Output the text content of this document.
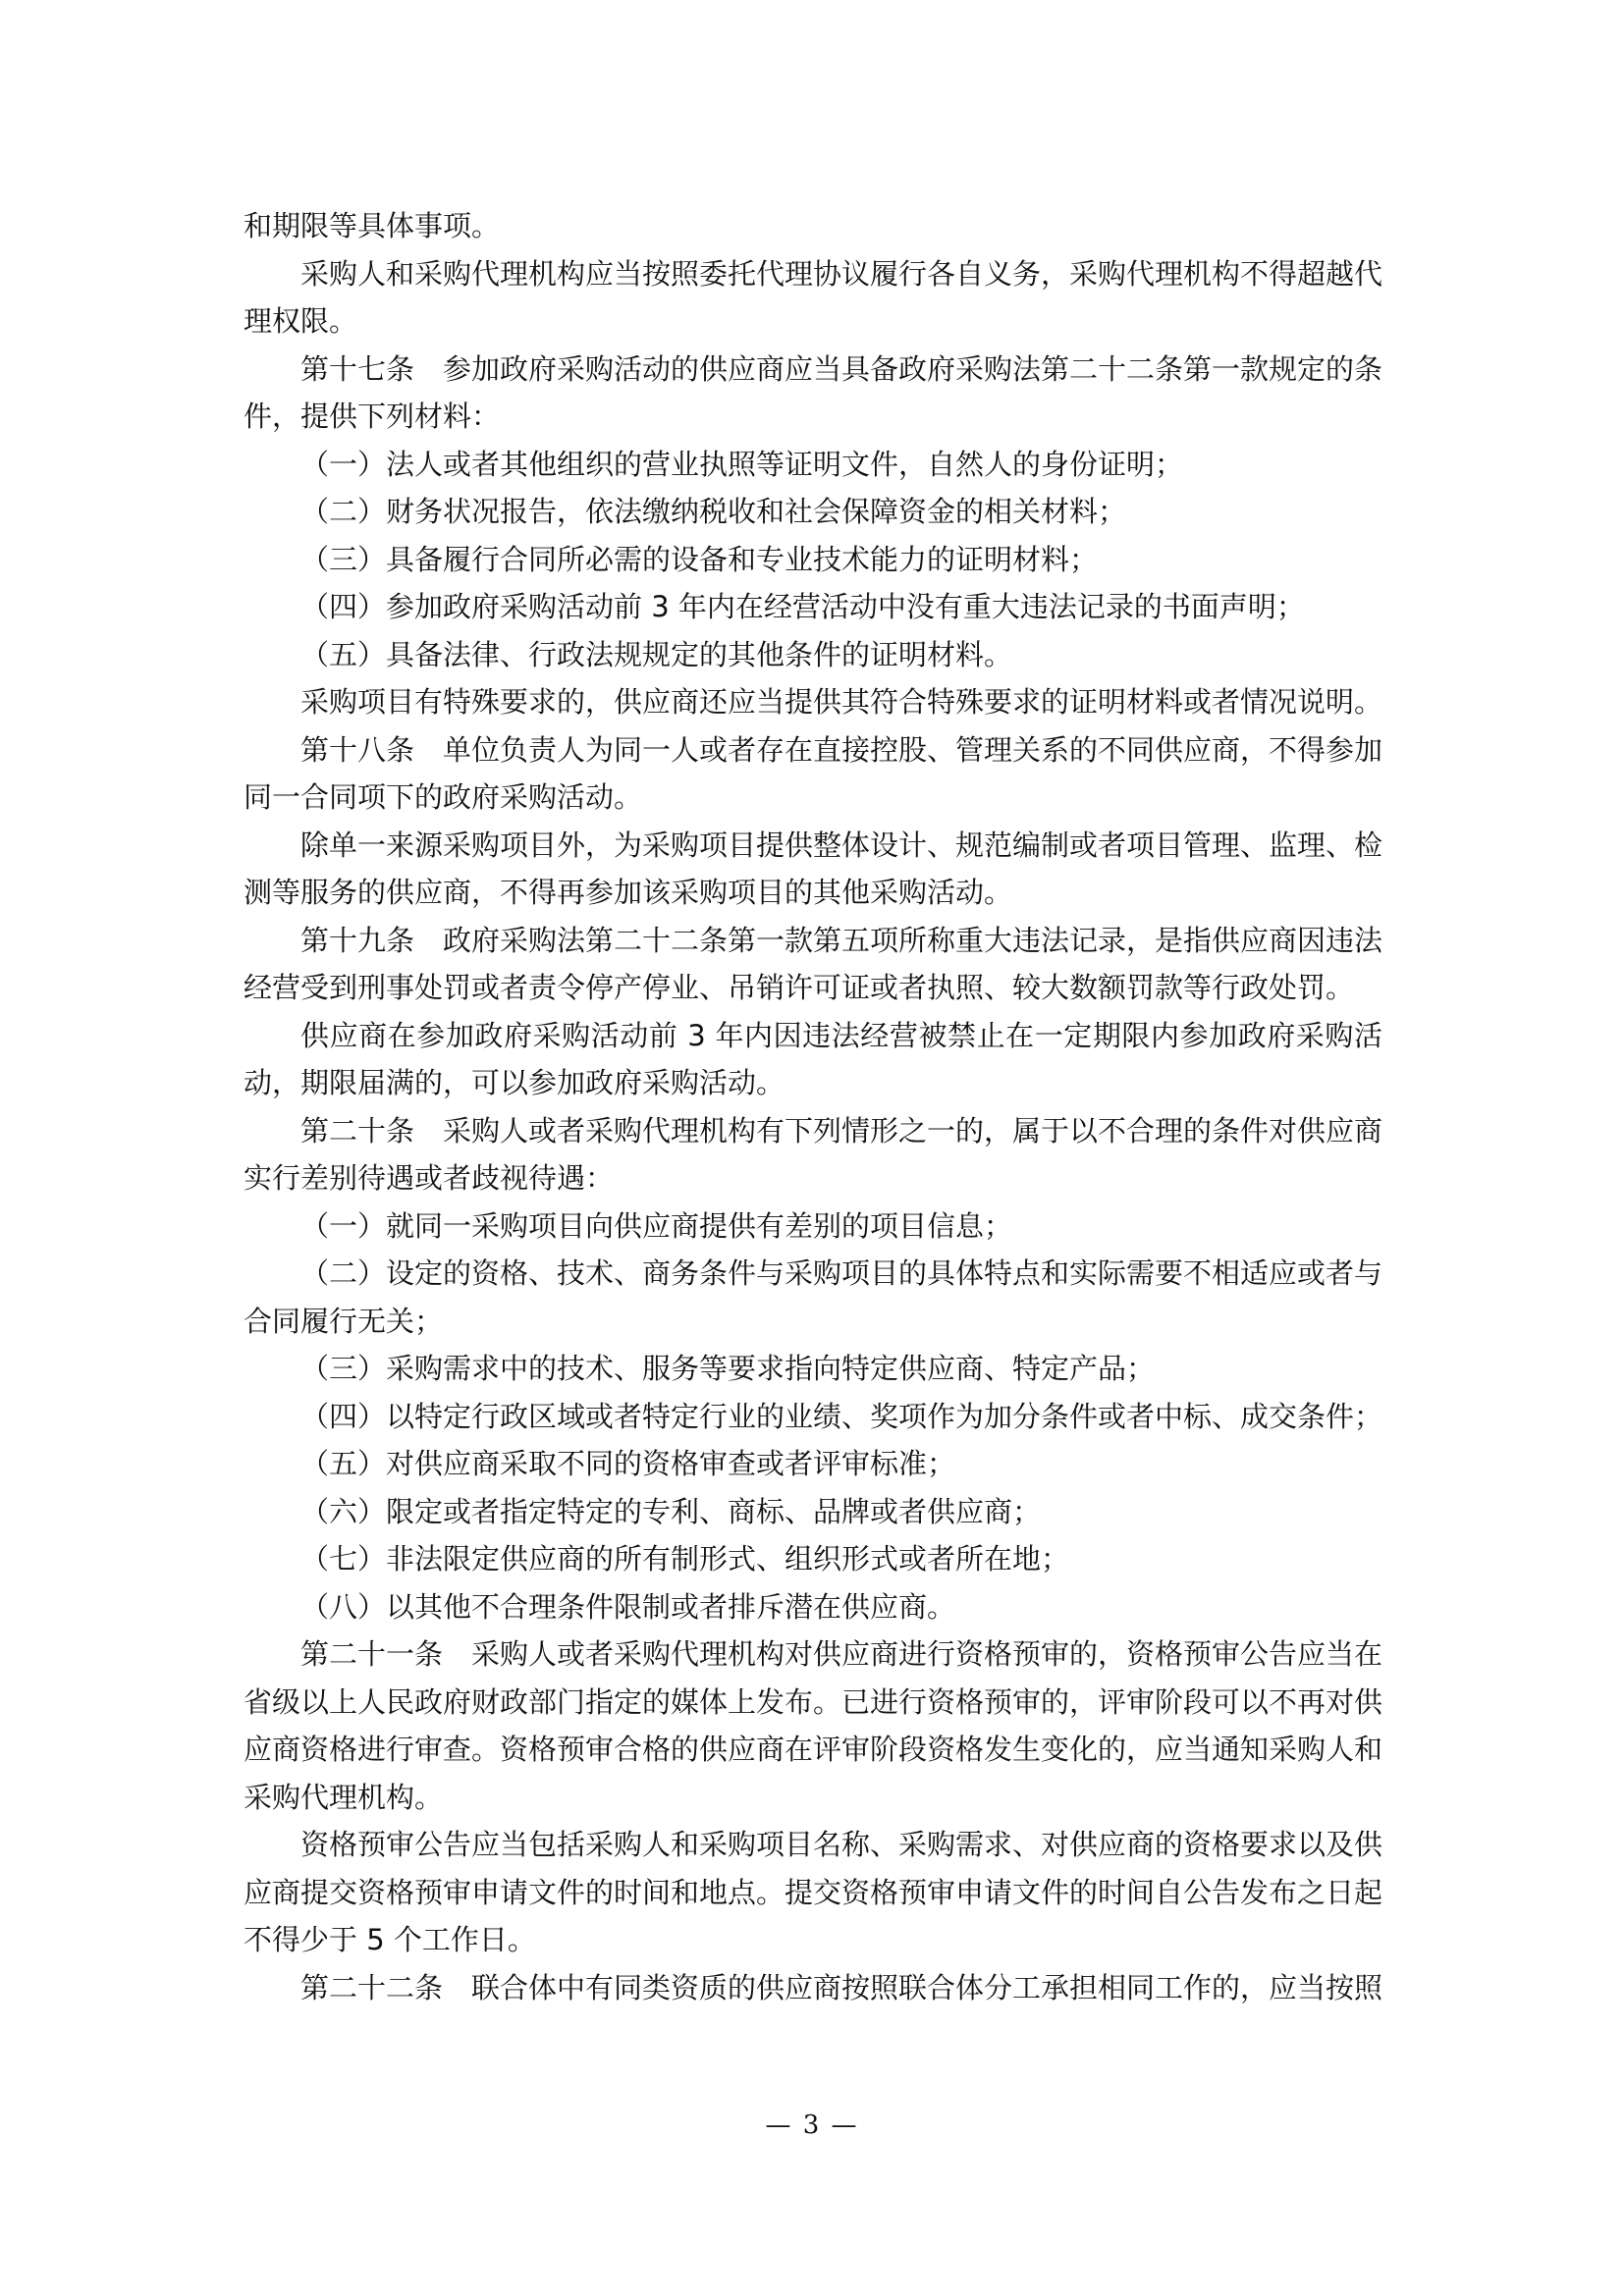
和期限等具体事项。

采购人和采购代理机构应当按照委托代理协议履行各自义务，采购代理机构不得超越代理权限。

第十七条　参加政府采购活动的供应商应当具备政府采购法第二十二条第一款规定的条件，提供下列材料：

（一）法人或者其他组织的营业执照等证明文件，自然人的身份证明；

（二）财务状况报告，依法缴纳税收和社会保障资金的相关材料；

（三）具备履行合同所必需的设备和专业技术能力的证明材料；

（四）参加政府采购活动前 3 年内在经营活动中没有重大违法记录的书面声明；

（五）具备法律、行政法规规定的其他条件的证明材料。

采购项目有特殊要求的，供应商还应当提供其符合特殊要求的证明材料或者情况说明。

第十八条　单位负责人为同一人或者存在直接控股、管理关系的不同供应商，不得参加同一合同项下的政府采购活动。

除单一来源采购项目外，为采购项目提供整体设计、规范编制或者项目管理、监理、检测等服务的供应商，不得再参加该采购项目的其他采购活动。

第十九条　政府采购法第二十二条第一款第五项所称重大违法记录，是指供应商因违法经营受到刑事处罚或者责令停产停业、吊销许可证或者执照、较大数额罚款等行政处罚。

供应商在参加政府采购活动前 3 年内因违法经营被禁止在一定期限内参加政府采购活动，期限届满的，可以参加政府采购活动。

第二十条　采购人或者采购代理机构有下列情形之一的，属于以不合理的条件对供应商实行差别待遇或者歧视待遇：

（一）就同一采购项目向供应商提供有差别的项目信息；

（二）设定的资格、技术、商务条件与采购项目的具体特点和实际需要不相适应或者与合同履行无关；

（三）采购需求中的技术、服务等要求指向特定供应商、特定产品；

（四）以特定行政区域或者特定行业的业绩、奖项作为加分条件或者中标、成交条件；

（五）对供应商采取不同的资格审查或者评审标准；

（六）限定或者指定特定的专利、商标、品牌或者供应商；

（七）非法限定供应商的所有制形式、组织形式或者所在地；

（八）以其他不合理条件限制或者排斥潜在供应商。

第二十一条　采购人或者采购代理机构对供应商进行资格预审的，资格预审公告应当在省级以上人民政府财政部门指定的媒体上发布。已进行资格预审的，评审阶段可以不再对供应商资格进行审查。资格预审合格的供应商在评审阶段资格发生变化的，应当通知采购人和采购代理机构。

资格预审公告应当包括采购人和采购项目名称、采购需求、对供应商的资格要求以及供应商提交资格预审申请文件的时间和地点。提交资格预审申请文件的时间自公告发布之日起不得少于 5 个工作日。

第二十二条　联合体中有同类资质的供应商按照联合体分工承担相同工作的，应当按照

— 3 —
